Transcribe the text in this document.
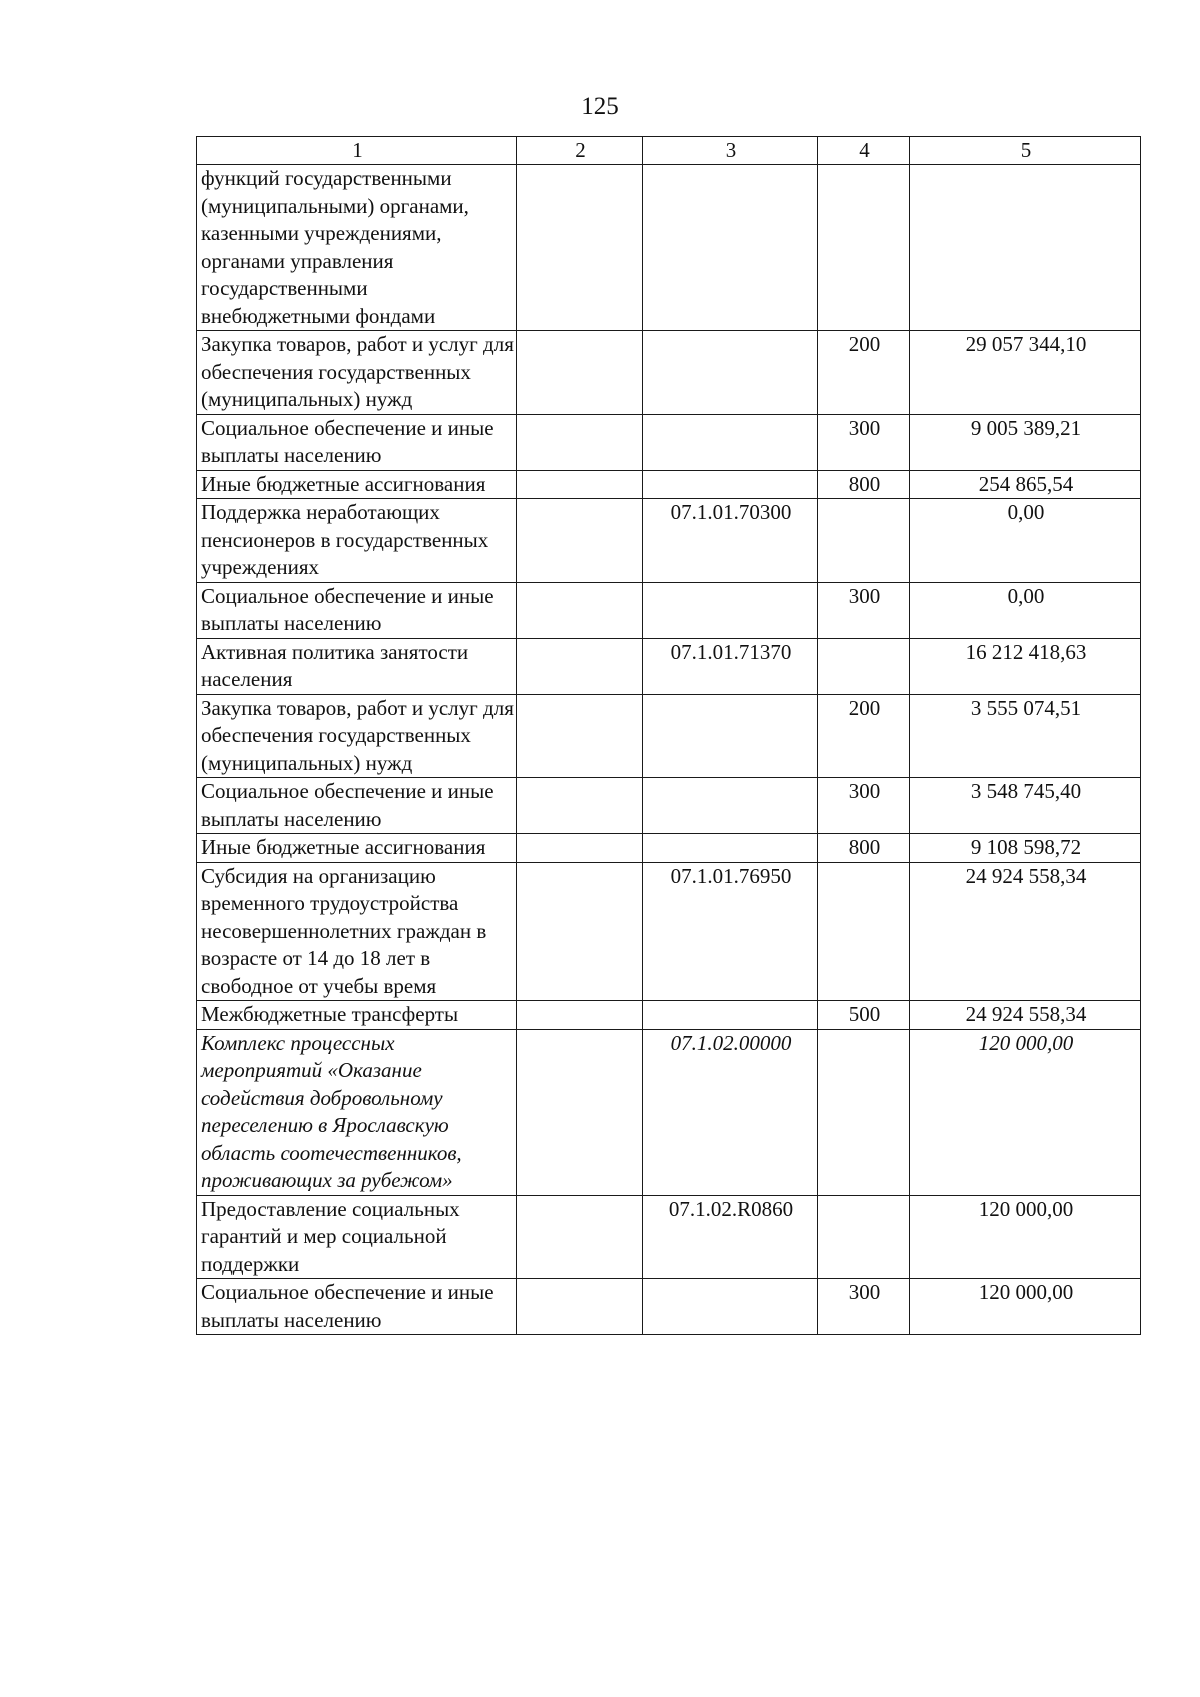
125
1	2	3	4	5
функций государственными (муниципальными) органами, казенными учреждениями, органами управления государственными внебюджетными фондами				
Закупка товаров, работ и услуг для обеспечения государственных (муниципальных) нужд			200	29 057 344,10
Социальное обеспечение и иные выплаты населению			300	9 005 389,21
Иные бюджетные ассигнования			800	254 865,54
Поддержка неработающих пенсионеров в государственных учреждениях		07.1.01.70300		0,00
Социальное обеспечение и иные выплаты населению			300	0,00
Активная политика занятости населения		07.1.01.71370		16 212 418,63
Закупка товаров, работ и услуг для обеспечения государственных (муниципальных) нужд			200	3 555 074,51
Социальное обеспечение и иные выплаты населению			300	3 548 745,40
Иные бюджетные ассигнования			800	9 108 598,72
Субсидия на организацию временного трудоустройства несовершеннолетних граждан в возрасте от 14 до 18 лет в свободное от учебы время		07.1.01.76950		24 924 558,34
Межбюджетные трансферты			500	24 924 558,34
Комплекс процессных мероприятий «Оказание содействия добровольному переселению в Ярославскую область соотечественников, проживающих за рубежом»		07.1.02.00000		120 000,00
Предоставление социальных гарантий и мер социальной поддержки		07.1.02.R0860		120 000,00
Социальное обеспечение и иные выплаты населению			300	120 000,00
